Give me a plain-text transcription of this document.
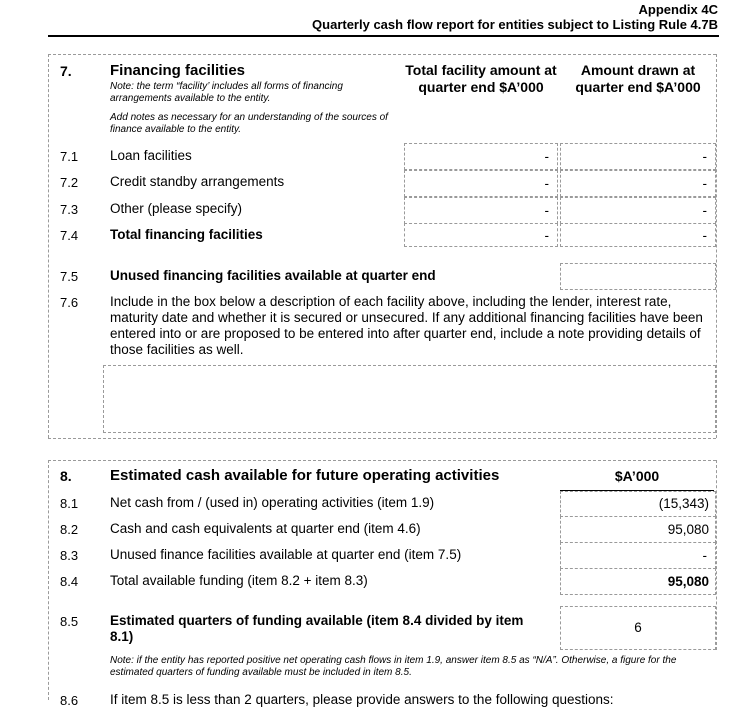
Appendix 4C
Quarterly cash flow report for entities subject to Listing Rule 4.7B
7.	Financing facilities
Note: the term “facility’ includes all forms of financing arrangements available to the entity.
Add notes as necessary for an understanding of the sources of finance available to the entity.
Total facility amount at quarter end $A’000
Amount drawn at quarter end $A’000
7.1 Loan facilities	-	-
7.2 Credit standby arrangements	-	-
7.3 Other (please specify)	-	-
7.4 Total financing facilities	-	-
7.5 Unused financing facilities available at quarter end
7.6 Include in the box below a description of each facility above, including the lender, interest rate, maturity date and whether it is secured or unsecured. If any additional financing facilities have been entered into or are proposed to be entered into after quarter end, include a note providing details of those facilities as well.
8.	Estimated cash available for future operating activities	$A’000
8.1 Net cash from / (used in) operating activities (item 1.9)	(15,343)
8.2 Cash and cash equivalents at quarter end (item 4.6)	95,080
8.3 Unused finance facilities available at quarter end (item 7.5)	-
8.4 Total available funding (item 8.2 + item 8.3)	95,080
8.5 Estimated quarters of funding available (item 8.4 divided by item 8.1)
6
Note: if the entity has reported positive net operating cash flows in item 1.9, answer item 8.5 as “N/A”. Otherwise, a figure for the estimated quarters of funding available must be included in item 8.5.
8.6 If item 8.5 is less than 2 quarters, please provide answers to the following questions:
